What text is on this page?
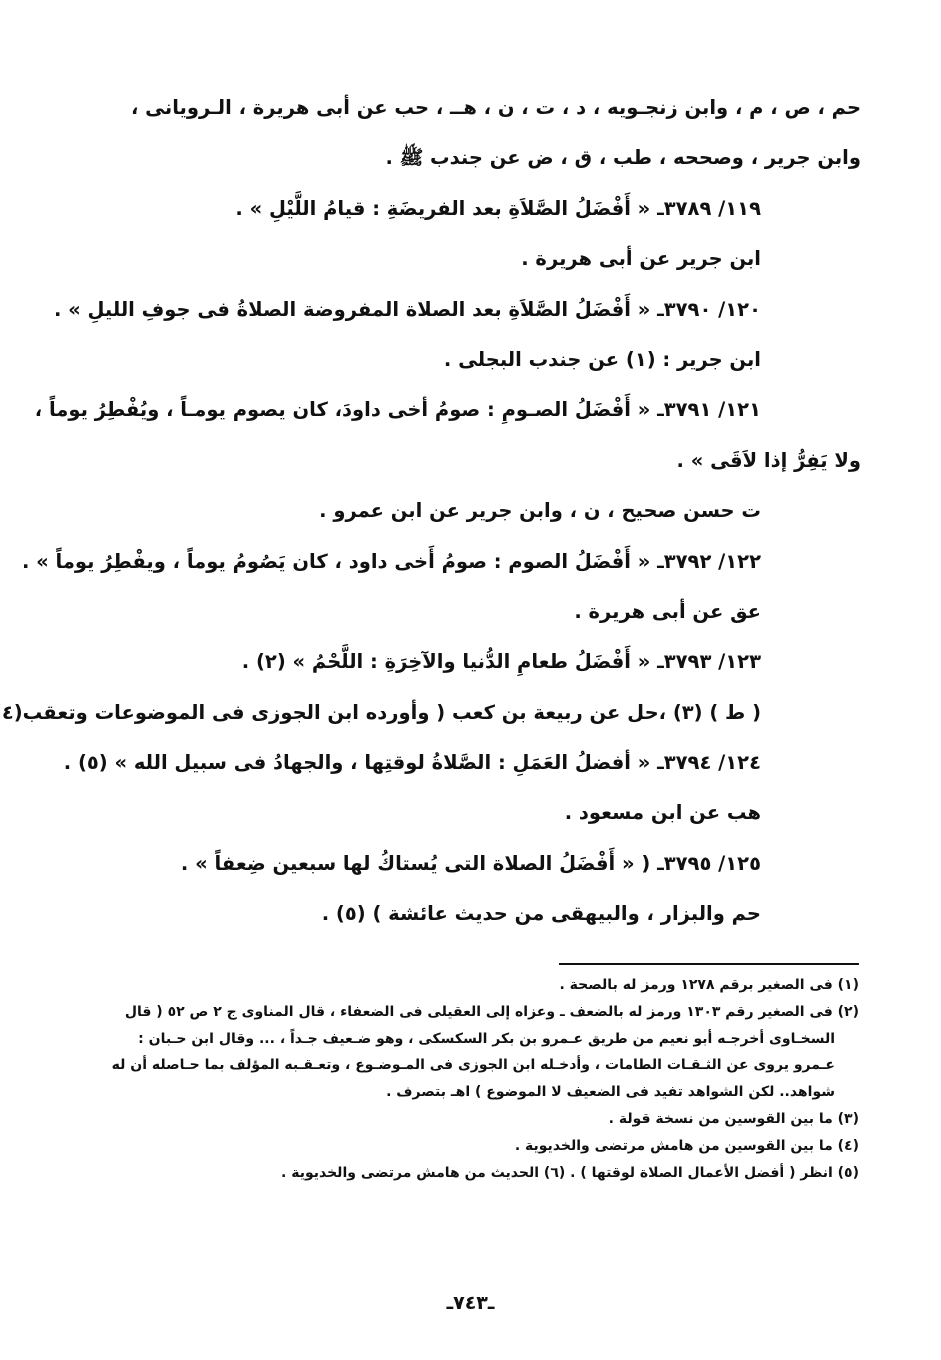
حم ، ص ، م ، وابن زنجـويه ، د ، ت ، ن ، هــ ، حب عن أبى هريرة ، الـرويانى ،
وابن جرير ، وصححه ، طب ، ق ، ض عن جندب ﷺ .
١١٩/ ٣٧٨٩ـ « أَفْضَلُ الصَّلاَةِ بعد الفريضَةِ : قيامُ اللَّيْلِ » .
ابن جرير عن أبى هريرة .
١٢٠/ ٣٧٩٠ـ « أَفْضَلُ الصَّلاَةِ بعد الصلاة المفروضة الصلاةُ فى جوفِ الليلِ » .
ابن جرير : (١) عن جندب البجلى .
١٢١/ ٣٧٩١ـ « أَفْضَلُ الصـومِ : صومُ أخى داودَ، كان يصوم يومـاً ، ويُفْطِرُ يوماً ،
ولا يَفِرُّ إذا لاَقَى » .
ت حسن صحيح ، ن ، وابن جرير عن ابن عمرو .
١٢٢/ ٣٧٩٢ـ « أَفْضَلُ الصوم : صومُ أَخى داود ، كان يَصُومُ يوماً ، ويفْطِرُ يوماً » .
عق عن أبى هريرة .
١٢٣/ ٣٧٩٣ـ « أَفْضَلُ طعامِ الدُّنيا والآخِرَةِ : اللَّحْمُ » (٢) .
( ط ) (٣) ،حل عن ربيعة بن كعب ( وأورده ابن الجوزى فى الموضوعات وتعقب(٤
١٢٤/ ٣٧٩٤ـ « أفضلُ العَمَلِ : الصَّلاةُ لوقتِها ، والجهادُ فى سبيل الله » (٥) .
هب عن ابن مسعود .
١٢٥/ ٣٧٩٥ـ ( « أَفْضَلُ الصلاة التى يُستاكُ لها سبعين ضِعفاً » .
حم والبزار ، والبيهقى من حديث عائشة ) (٥) .
(١) فى الصغير برقم ١٢٧٨ ورمز له بالصحة .
(٢) فى الصغير رقم ١٣٠٣ ورمز له بالضعف ـ وعزاه إلى العقيلى فى الضعفاء ، قال المناوى ج ٢ ص ٥٢ ( قال
السخـاوى أخرجـه أبو نعيم من طريق عـمرو بن بكر السكسكى ، وهو ضـعيف جـداً ، ... وقال ابن حـبان :
عـمرو يروى عن الثـقـات الطامات ، وأدخـله ابن الجوزى فى المـوضـوع ، وتعـقـبه المؤلف بما حـاصله أن له
شواهد.. لكن الشواهد تفيد فى الضعيف لا الموضوع ) اهـ بتصرف .
(٣) ما بين القوسين من نسخة قولة .
(٤) ما بين القوسين من هامش مرتضى والخديوية .
(٥) انظر ( أفضل الأعمال الصلاة لوقتها ) . (٦) الحديث من هامش مرتضى والخديوية .
ـ٧٤٣ـ
